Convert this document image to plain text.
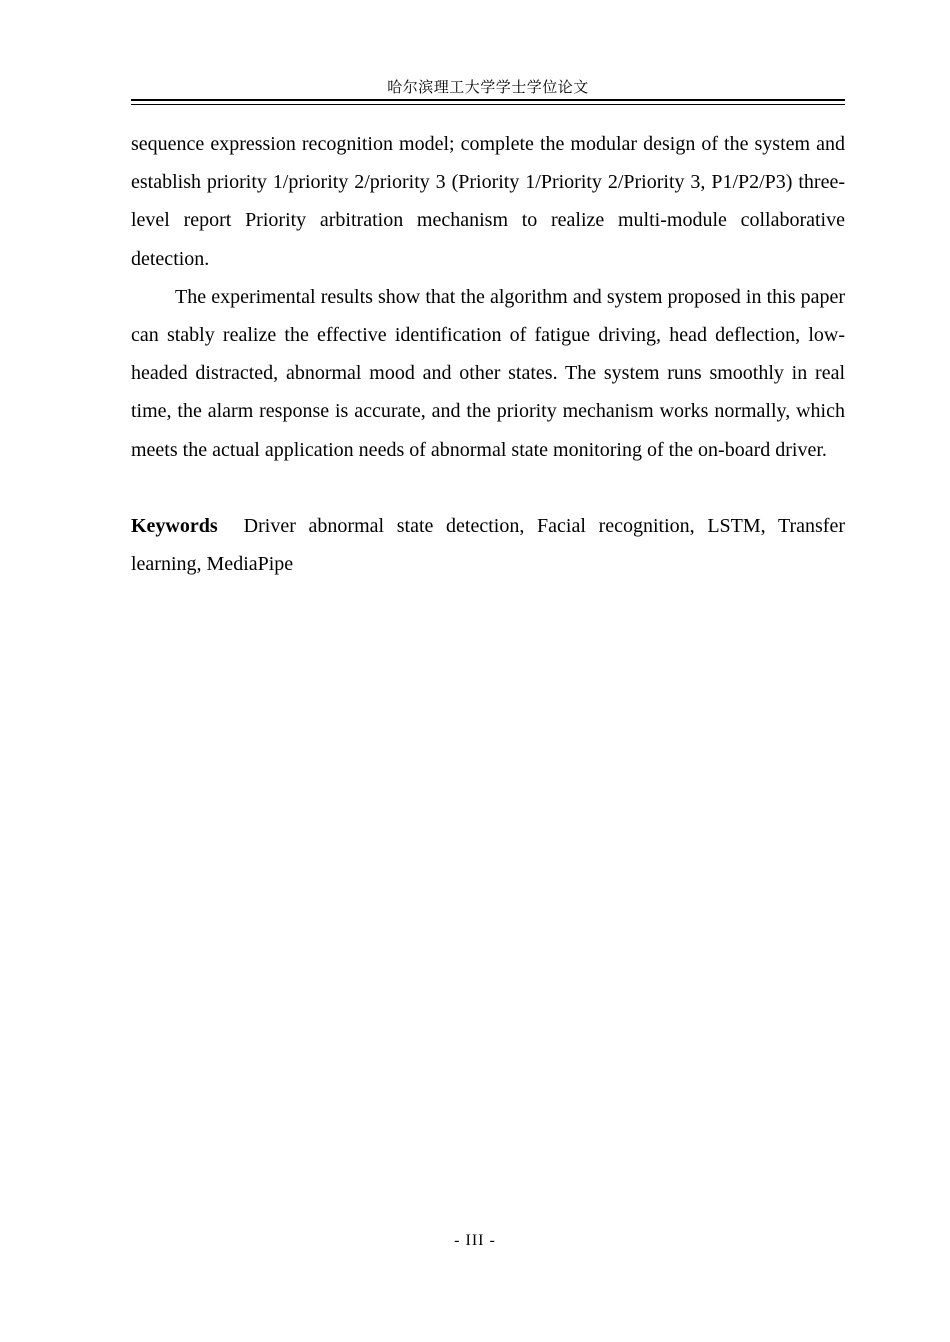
哈尔滨理工大学学士学位论文

sequence expression recognition model; complete the modular design of the system and establish priority 1/priority 2/priority 3 (Priority 1/Priority 2/Priority 3, P1/P2/P3) three-level report Priority arbitration mechanism to realize multi-module collaborative detection.

The experimental results show that the algorithm and system proposed in this paper can stably realize the effective identification of fatigue driving, head deflection, low-headed distracted, abnormal mood and other states. The system runs smoothly in real time, the alarm response is accurate, and the priority mechanism works normally, which meets the actual application needs of abnormal state monitoring of the on-board driver.

Keywords Driver abnormal state detection, Facial recognition, LSTM, Transfer learning, MediaPipe

- III -
